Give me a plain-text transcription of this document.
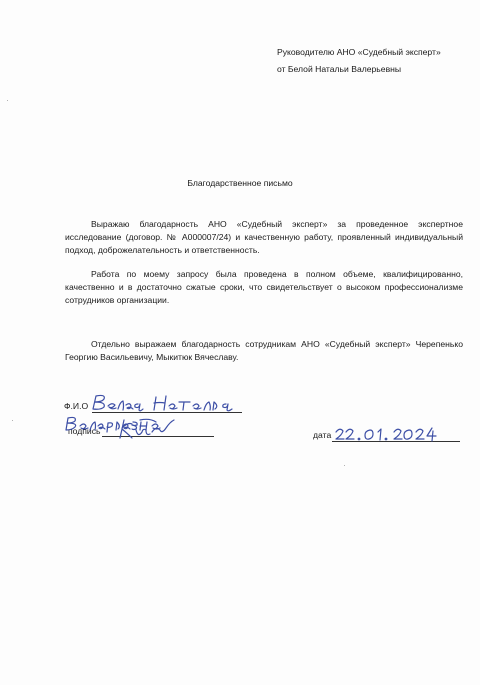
Руководителю АНО «Судебный эксперт»
от Белой Натальи Валерьевны
Благодарственное письмо
Выражаю благодарность АНО «Судебный эксперт» за проведенное экспертное исследование (договор. № А000007/24) и качественную работу, проявленный индивидуальный подход, доброжелательность и ответственность.
Работа по моему запросу была проведена в полном объеме, квалифицированно, качественно и в достаточно сжатые сроки, что свидетельствует о высоком профессионализме сотрудников организации.
Отдельно выражаем благодарность сотрудникам АНО «Судебный эксперт» Черепенько Георгию Васильевичу, Мыкитюк Вячеславу.
Ф.И.О
подпись	дата
